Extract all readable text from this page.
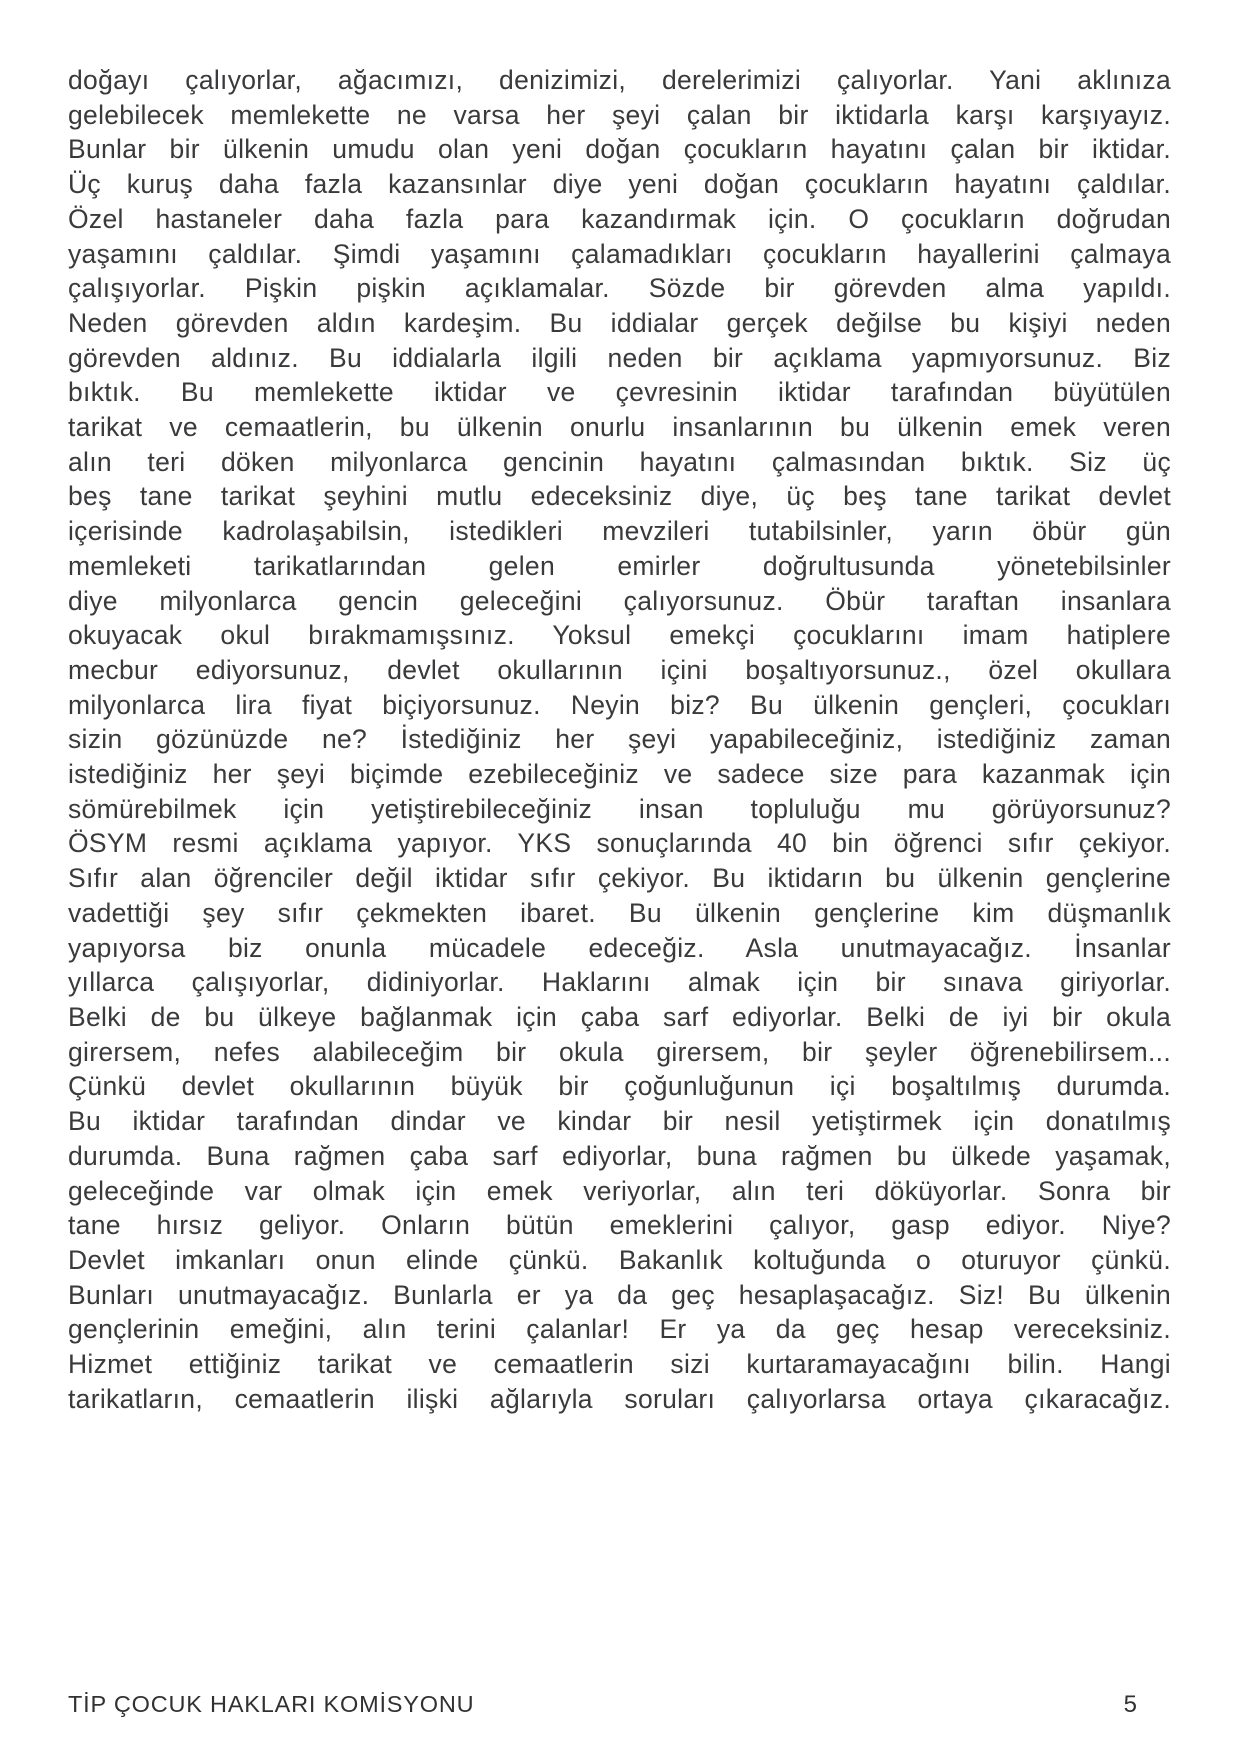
doğayı çalıyorlar, ağacımızı, denizimizi, derelerimizi çalıyorlar. Yani aklınıza
gelebilecek memlekette ne varsa her şeyi çalan bir iktidarla karşı karşıyayız.
Bunlar bir ülkenin umudu olan yeni doğan çocukların hayatını çalan bir iktidar.
Üç kuruş daha fazla kazansınlar diye yeni doğan çocukların hayatını çaldılar.
Özel hastaneler daha fazla para kazandırmak için. O çocukların doğrudan
yaşamını çaldılar. Şimdi yaşamını çalamadıkları çocukların hayallerini çalmaya
çalışıyorlar. Pişkin pişkin açıklamalar. Sözde bir görevden alma yapıldı.
Neden görevden aldın kardeşim. Bu iddialar gerçek değilse bu kişiyi neden
görevden aldınız. Bu iddialarla ilgili neden bir açıklama yapmıyorsunuz. Biz
bıktık. Bu memlekette iktidar ve çevresinin iktidar tarafından büyütülen
tarikat ve cemaatlerin, bu ülkenin onurlu insanlarının bu ülkenin emek veren
alın teri döken milyonlarca gencinin hayatını çalmasından bıktık. Siz üç
beş tane tarikat şeyhini mutlu edeceksiniz diye, üç beş tane tarikat devlet
içerisinde kadrolaşabilsin, istedikleri mevzileri tutabilsinler, yarın öbür gün
memleketi tarikatlarından gelen emirler doğrultusunda yönetebilsinler
diye milyonlarca gencin geleceğini çalıyorsunuz. Öbür taraftan insanlara
okuyacak okul bırakmamışsınız. Yoksul emekçi çocuklarını imam hatiplere
mecbur ediyorsunuz, devlet okullarının içini boşaltıyorsunuz., özel okullara
milyonlarca lira fiyat biçiyorsunuz. Neyin biz? Bu ülkenin gençleri, çocukları
sizin gözünüzde ne? İstediğiniz her şeyi yapabileceğiniz, istediğiniz zaman
istediğiniz her şeyi biçimde ezebileceğiniz ve sadece size para kazanmak için
sömürebilmek için yetiştirebileceğiniz insan topluluğu mu görüyorsunuz?
ÖSYM resmi açıklama yapıyor. YKS sonuçlarında 40 bin öğrenci sıfır çekiyor.
Sıfır alan öğrenciler değil iktidar sıfır çekiyor. Bu iktidarın bu ülkenin gençlerine
vadettiği şey sıfır çekmekten ibaret. Bu ülkenin gençlerine kim düşmanlık
yapıyorsa biz onunla mücadele edeceğiz. Asla unutmayacağız. İnsanlar
yıllarca çalışıyorlar, didiniyorlar. Haklarını almak için bir sınava giriyorlar.
Belki de bu ülkeye bağlanmak için çaba sarf ediyorlar. Belki de iyi bir okula
girersem, nefes alabileceğim bir okula girersem, bir şeyler öğrenebilirsem...
Çünkü devlet okullarının büyük bir çoğunluğunun içi boşaltılmış durumda.
Bu iktidar tarafından dindar ve kindar bir nesil yetiştirmek için donatılmış
durumda. Buna rağmen çaba sarf ediyorlar, buna rağmen bu ülkede yaşamak,
geleceğinde var olmak için emek veriyorlar, alın teri döküyorlar. Sonra bir
tane hırsız geliyor. Onların bütün emeklerini çalıyor, gasp ediyor. Niye?
Devlet imkanları onun elinde çünkü. Bakanlık koltuğunda o oturuyor çünkü.
Bunları unutmayacağız. Bunlarla er ya da geç hesaplaşacağız. Siz! Bu ülkenin
gençlerinin emeğini, alın terini çalanlar! Er ya da geç hesap vereceksiniz.
Hizmet ettiğiniz tarikat ve cemaatlerin sizi kurtaramayacağını bilin. Hangi
tarikatların, cemaatlerin ilişki ağlarıyla soruları çalıyorlarsa ortaya çıkaracağız.
TİP ÇOCUK HAKLARI KOMİSYONU	5
